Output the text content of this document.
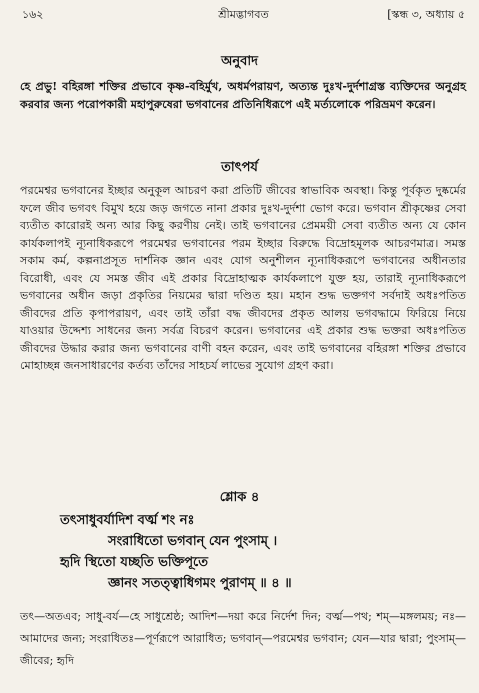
১৬২	শ্রীমদ্ভাগবত	[স্কন্ধ ৩, অধ্যায় ৫
অনুবাদ
হে প্রভু! বহিরঙ্গা শক্তির প্রভাবে কৃষ্ণ-বহির্মুখ, অধর্মপরায়ণ, অত্যন্ত দুঃখ-দুর্দশাগ্রস্ত ব্যক্তিদের অনুগ্রহ করবার জন্য পরোপকারী মহাপুরুষেরা ভগবানের প্রতিনিধিরূপে এই মর্ত্যলোকে পরিভ্রমণ করেন।
তাৎপর্য
পরমেশ্বর ভগবানের ইচ্ছার অনুকূল আচরণ করা প্রতিটি জীবের স্বাভাবিক অবস্থা। কিন্তু পূর্বকৃত দুষ্কর্মের ফলে জীব ভগবৎ বিমুখ হয়ে জড় জগতে নানা প্রকার দুঃখ-দুর্দশা ভোগ করে। ভগবান শ্রীকৃষ্ণের সেবা ব্যতীত কারোরই অন্য আর কিছু করণীয় নেই। তাই ভগবানের প্রেমময়ী সেবা ব্যতীত অন্য যে কোন কার্যকলাপই ন্যূনাধিকরূপে পরমেশ্বর ভগবানের পরম ইচ্ছার বিরুদ্ধে বিদ্রোহমূলক আচরণমাত্র। সমস্ত সকাম কর্ম, কল্পনাপ্রসূত দার্শনিক জ্ঞান এবং যোগ অনুশীলন ন্যূনাধিকরূপে ভগবানের অধীনতার বিরোধী, এবং যে সমস্ত জীব এই প্রকার বিদ্রোহাত্মক কার্যকলাপে যুক্ত হয়, তারাই ন্যূনাধিকরূপে ভগবানের অধীন জড়া প্রকৃতির নিয়মের দ্বারা দণ্ডিত হয়। মহান শুদ্ধ ভক্তগণ সর্বদাই অধঃপতিত জীবদের প্রতি কৃপাপরায়ণ, এবং তাই তাঁরা বদ্ধ জীবদের প্রকৃত আলয় ভগবদ্ধামে ফিরিয়ে নিয়ে যাওয়ার উদ্দেশ্য সাধনের জন্য সর্বত্র বিচরণ করেন। ভগবানের এই প্রকার শুদ্ধ ভক্তরা অধঃপতিত জীবদের উদ্ধার করার জন্য ভগবানের বাণী বহন করেন, এবং তাই ভগবানের বহিরঙ্গা শক্তির প্রভাবে মোহাচ্ছন্ন জনসাধারণের কর্তব্য তাঁদের সাহচর্য লাভের সুযোগ গ্রহণ করা।
শ্লোক ৪
তৎসাধুবর্যাদিশ বর্ত্ম শং নঃ
সংরাধিতো ভগবান্ যেন পুংসাম্ ।
হৃদি স্থিতো যচ্ছতি ভক্তিপূতে
জ্ঞানং সতত্ত্বাধিগমং পুরাণম্ ॥ ৪ ॥
তৎ—অতএব; সাধু-বর্য—হে সাধুশ্রেষ্ঠ; আদিশ—দয়া করে নির্দেশ দিন; বর্ত্ম—পথ; শম্—মঙ্গলময়; নঃ—আমাদের জন্য; সংরাধিতঃ—পূর্ণরূপে আরাধিত; ভগবান্—পরমেশ্বর ভগবান; যেন—যার দ্বারা; পুংসাম্—জীবের; হৃদি
